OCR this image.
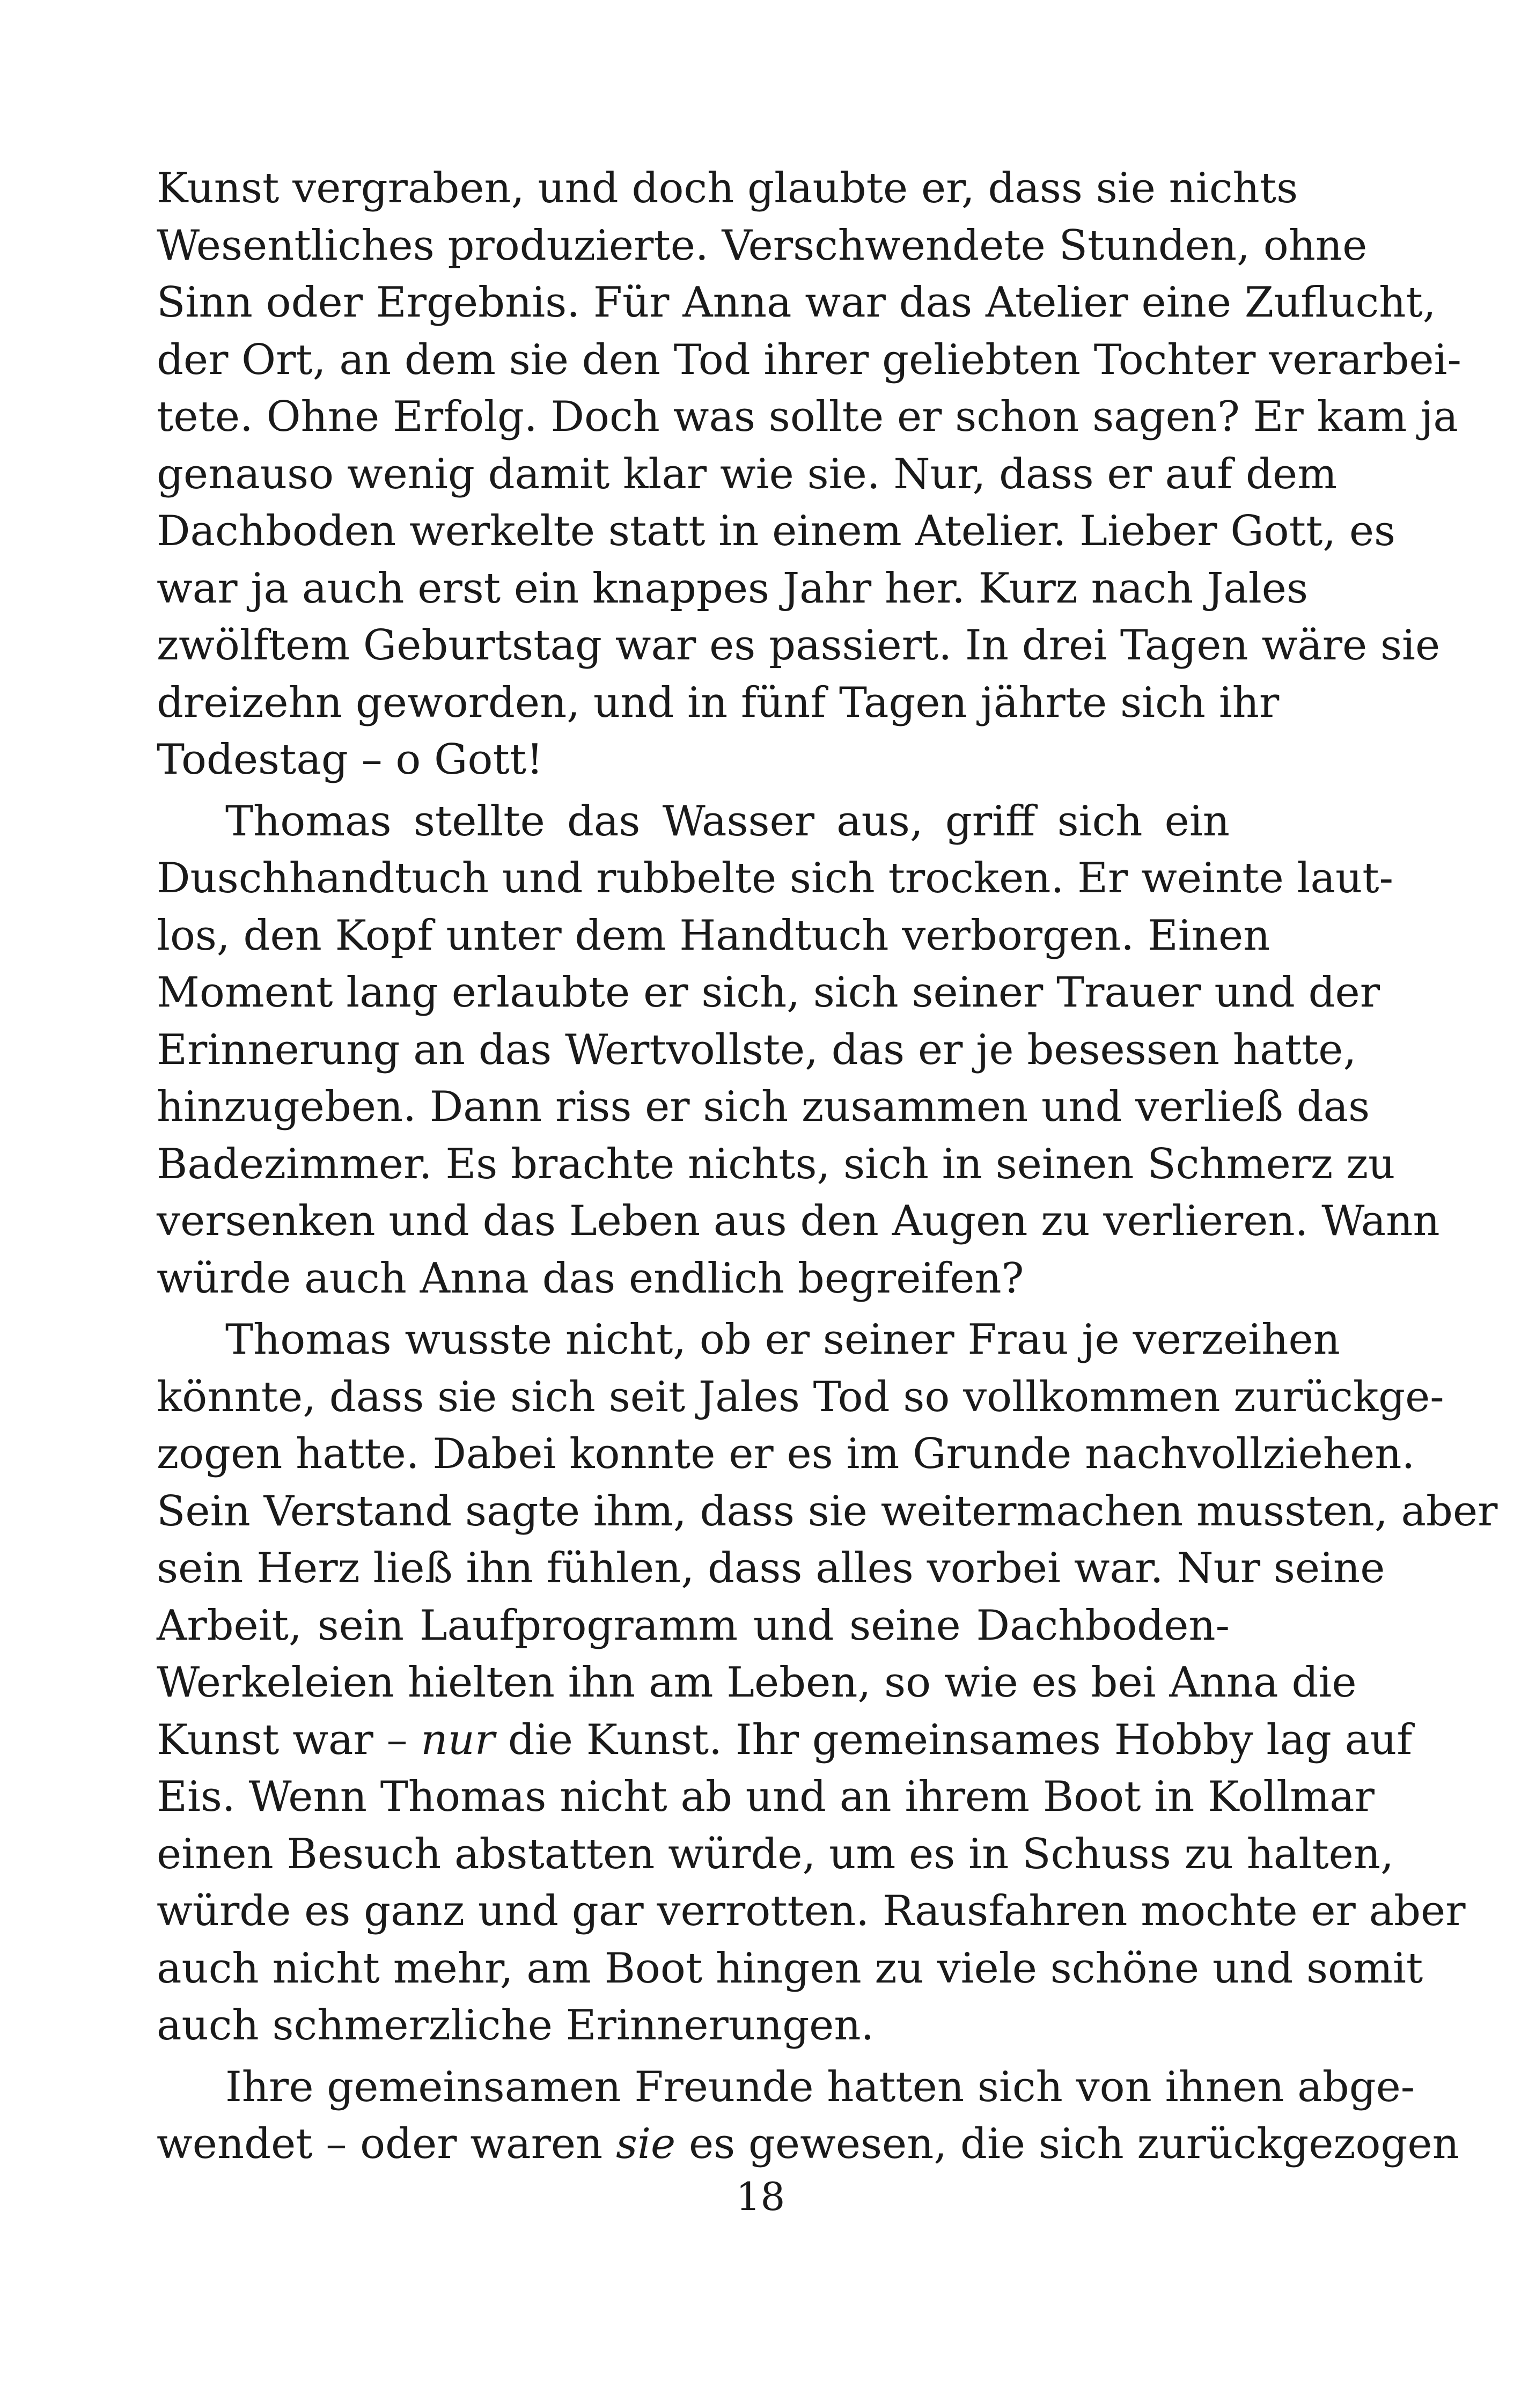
Kunst vergraben, und doch glaubte er, dass sie nichts
Wesentliches produzierte. Verschwendete Stunden, ohne
Sinn oder Ergebnis. Für Anna war das Atelier eine Zuflucht,
der Ort, an dem sie den Tod ihrer geliebten Tochter verarbei-
tete. Ohne Erfolg. Doch was sollte er schon sagen? Er kam ja
genauso wenig damit klar wie sie. Nur, dass er auf dem
Dachboden werkelte statt in einem Atelier. Lieber Gott, es
war ja auch erst ein knappes Jahr her. Kurz nach Jales
zwölftem Geburtstag war es passiert. In drei Tagen wäre sie
dreizehn geworden, und in fünf Tagen jährte sich ihr
Todestag – o Gott!
Thomas stellte das Wasser aus, griff sich ein
Duschhandtuch und rubbelte sich trocken. Er weinte laut-
los, den Kopf unter dem Handtuch verborgen. Einen
Moment lang erlaubte er sich, sich seiner Trauer und der
Erinnerung an das Wertvollste, das er je besessen hatte,
hinzugeben. Dann riss er sich zusammen und verließ das
Badezimmer. Es brachte nichts, sich in seinen Schmerz zu
versenken und das Leben aus den Augen zu verlieren. Wann
würde auch Anna das endlich begreifen?
Thomas wusste nicht, ob er seiner Frau je verzeihen
könnte, dass sie sich seit Jales Tod so vollkommen zurückge-
zogen hatte. Dabei konnte er es im Grunde nachvollziehen.
Sein Verstand sagte ihm, dass sie weitermachen mussten, aber
sein Herz ließ ihn fühlen, dass alles vorbei war. Nur seine
Arbeit, sein Laufprogramm und seine Dachboden-
Werkeleien hielten ihn am Leben, so wie es bei Anna die
Kunst war – nur die Kunst. Ihr gemeinsames Hobby lag auf
Eis. Wenn Thomas nicht ab und an ihrem Boot in Kollmar
einen Besuch abstatten würde, um es in Schuss zu halten,
würde es ganz und gar verrotten. Rausfahren mochte er aber
auch nicht mehr, am Boot hingen zu viele schöne und somit
auch schmerzliche Erinnerungen.
Ihre gemeinsamen Freunde hatten sich von ihnen abge-
wendet – oder waren sie es gewesen, die sich zurückgezogen
18
